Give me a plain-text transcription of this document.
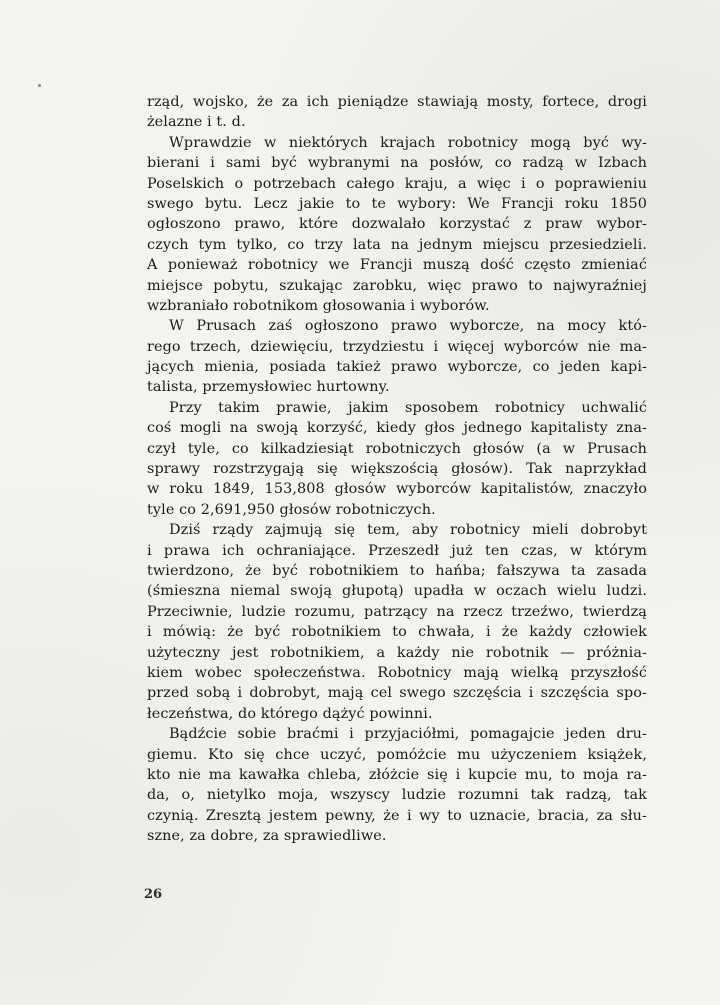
rząd, wojsko, że za ich pieniądze stawiają mosty, fortece, drogi
żelazne i t. d.
Wprawdzie w niektórych krajach robotnicy mogą być wy-
bierani i sami być wybranymi na posłów, co radzą w Izbach
Poselskich o potrzebach całego kraju, a więc i o poprawieniu
swego bytu. Lecz jakie to te wybory: We Francji roku 1850
ogłoszono prawo, które dozwalało korzystać z praw wybor-
czych tym tylko, co trzy lata na jednym miejscu przesiedzieli.
A ponieważ robotnicy we Francji muszą dość często zmieniać
miejsce pobytu, szukając zarobku, więc prawo to najwyraźniej
wzbraniało robotnikom głosowania i wyborów.
W Prusach zaś ogłoszono prawo wyborcze, na mocy któ-
rego trzech, dziewięciu, trzydziestu i więcej wyborców nie ma-
jących mienia, posiada takież prawo wyborcze, co jeden kapi-
talista, przemysłowiec hurtowny.
Przy takim prawie, jakim sposobem robotnicy uchwalić
coś mogli na swoją korzyść, kiedy głos jednego kapitalisty zna-
czył tyle, co kilkadziesiąt robotniczych głosów (a w Prusach
sprawy rozstrzygają się większością głosów). Tak naprzykład
w roku 1849, 153,808 głosów wyborców kapitalistów, znaczyło
tyle co 2,691,950 głosów robotniczych.
Dziś rządy zajmują się tem, aby robotnicy mieli dobrobyt
i prawa ich ochraniające. Przeszedł już ten czas, w którym
twierdzono, że być robotnikiem to hańba; fałszywa ta zasada
(śmieszna niemal swoją głupotą) upadła w oczach wielu ludzi.
Przeciwnie, ludzie rozumu, patrzący na rzecz trzeźwo, twierdzą
i mówią: że być robotnikiem to chwała, i że każdy człowiek
użyteczny jest robotnikiem, a każdy nie robotnik — próżnia-
kiem wobec społeczeństwa. Robotnicy mają wielką przyszłość
przed sobą i dobrobyt, mają cel swego szczęścia i szczęścia spo-
łeczeństwa, do którego dążyć powinni.
Bądźcie sobie braćmi i przyjaciółmi, pomagajcie jeden dru-
giemu. Kto się chce uczyć, pomóżcie mu użyczeniem książek,
kto nie ma kawałka chleba, złóżcie się i kupcie mu, to moja ra-
da, o, nietylko moja, wszyscy ludzie rozumni tak radzą, tak
czynią. Zresztą jestem pewny, że i wy to uznacie, bracia, za słu-
szne, za dobre, za sprawiedliwe.
26
